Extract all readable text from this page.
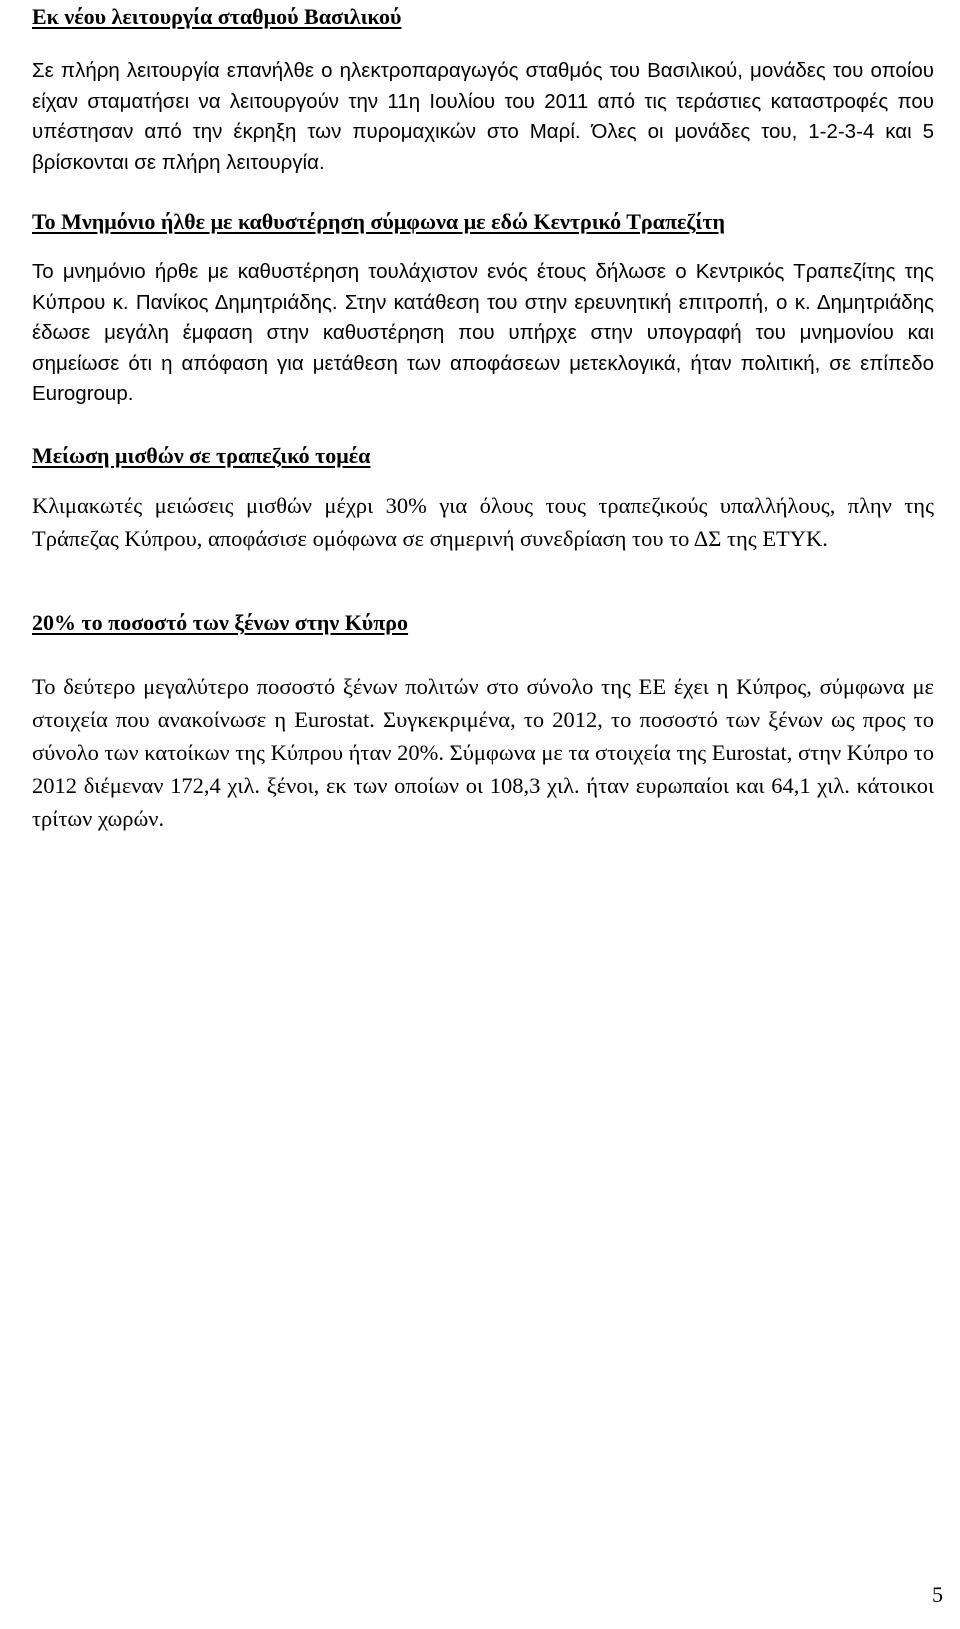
Εκ νέου λειτουργία σταθμού Βασιλικού

Σε πλήρη λειτουργία επανήλθε ο ηλεκτροπαραγωγός σταθμός του Βασιλικού, μονάδες του οποίου είχαν σταματήσει να λειτουργούν την 11η Ιουλίου του 2011 από τις τεράστιες καταστροφές που υπέστησαν από την έκρηξη των πυρομαχικών στο Μαρί. Όλες οι μονάδες του, 1-2-3-4 και 5 βρίσκονται σε πλήρη λειτουργία.

Το Μνημόνιο ήλθε με καθυστέρηση σύμφωνα με εδώ Κεντρικό Τραπεζίτη

Το μνημόνιο ήρθε με καθυστέρηση τουλάχιστον ενός έτους δήλωσε ο Κεντρικός Τραπεζίτης της Κύπρου κ. Πανίκος Δημητριάδης. Στην κατάθεση του στην ερευνητική επιτροπή, ο κ. Δημητριάδης έδωσε μεγάλη έμφαση στην καθυστέρηση που υπήρχε στην υπογραφή του μνημονίου και σημείωσε ότι η απόφαση για μετάθεση των αποφάσεων μετεκλογικά, ήταν πολιτική, σε επίπεδο Eurogroup.

Μείωση μισθών σε τραπεζικό τομέα

Κλιμακωτές μειώσεις μισθών μέχρι 30% για όλους τους τραπεζικούς υπαλλήλους, πλην της Τράπεζας Κύπρου, αποφάσισε ομόφωνα σε σημερινή συνεδρίαση του το ΔΣ της ΕΤΥΚ.

20% το ποσοστό των ξένων στην Κύπρο

Το δεύτερο μεγαλύτερο ποσοστό ξένων πολιτών στο σύνολο της ΕΕ έχει η Κύπρος, σύμφωνα με στοιχεία που ανακοίνωσε η Eurostat. Συγκεκριμένα, το 2012, το ποσοστό των ξένων ως προς το σύνολο των κατοίκων της Κύπρου ήταν 20%. Σύμφωνα με τα στοιχεία της Eurostat, στην Κύπρο το 2012 διέμεναν 172,4 χιλ. ξένοι, εκ των οποίων οι 108,3 χιλ. ήταν ευρωπαίοι και 64,1 χιλ. κάτοικοι τρίτων χωρών.

5
